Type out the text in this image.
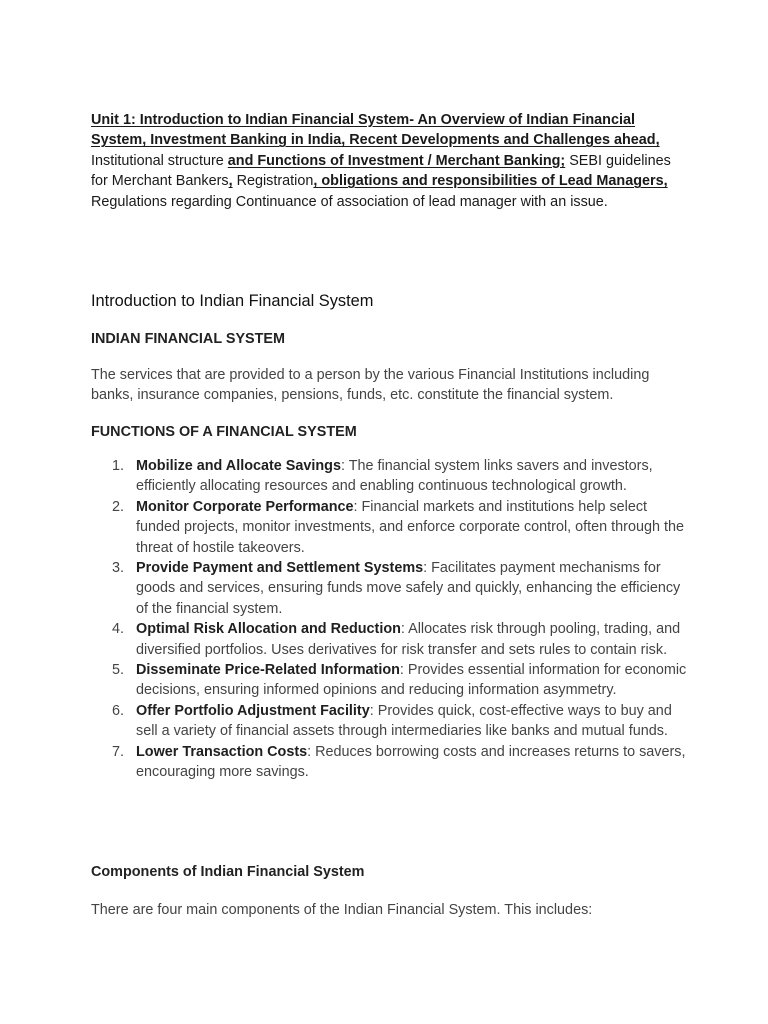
Unit 1: Introduction to Indian Financial System- An Overview of Indian Financial System, Investment Banking in India, Recent Developments and Challenges ahead, Institutional structure and Functions of Investment / Merchant Banking; SEBI guidelines for Merchant Bankers, Registration, obligations and responsibilities of Lead Managers, Regulations regarding Continuance of association of lead manager with an issue.

Introduction to Indian Financial System

INDIAN FINANCIAL SYSTEM

The services that are provided to a person by the various Financial Institutions including banks, insurance companies, pensions, funds, etc. constitute the financial system.

FUNCTIONS OF A FINANCIAL SYSTEM

1. Mobilize and Allocate Savings: The financial system links savers and investors, efficiently allocating resources and enabling continuous technological growth.
2. Monitor Corporate Performance: Financial markets and institutions help select funded projects, monitor investments, and enforce corporate control, often through the threat of hostile takeovers.
3. Provide Payment and Settlement Systems: Facilitates payment mechanisms for goods and services, ensuring funds move safely and quickly, enhancing the efficiency of the financial system.
4. Optimal Risk Allocation and Reduction: Allocates risk through pooling, trading, and diversified portfolios. Uses derivatives for risk transfer and sets rules to contain risk.
5. Disseminate Price-Related Information: Provides essential information for economic decisions, ensuring informed opinions and reducing information asymmetry.
6. Offer Portfolio Adjustment Facility: Provides quick, cost-effective ways to buy and sell a variety of financial assets through intermediaries like banks and mutual funds.
7. Lower Transaction Costs: Reduces borrowing costs and increases returns to savers, encouraging more savings.

Components of Indian Financial System

There are four main components of the Indian Financial System. This includes:
